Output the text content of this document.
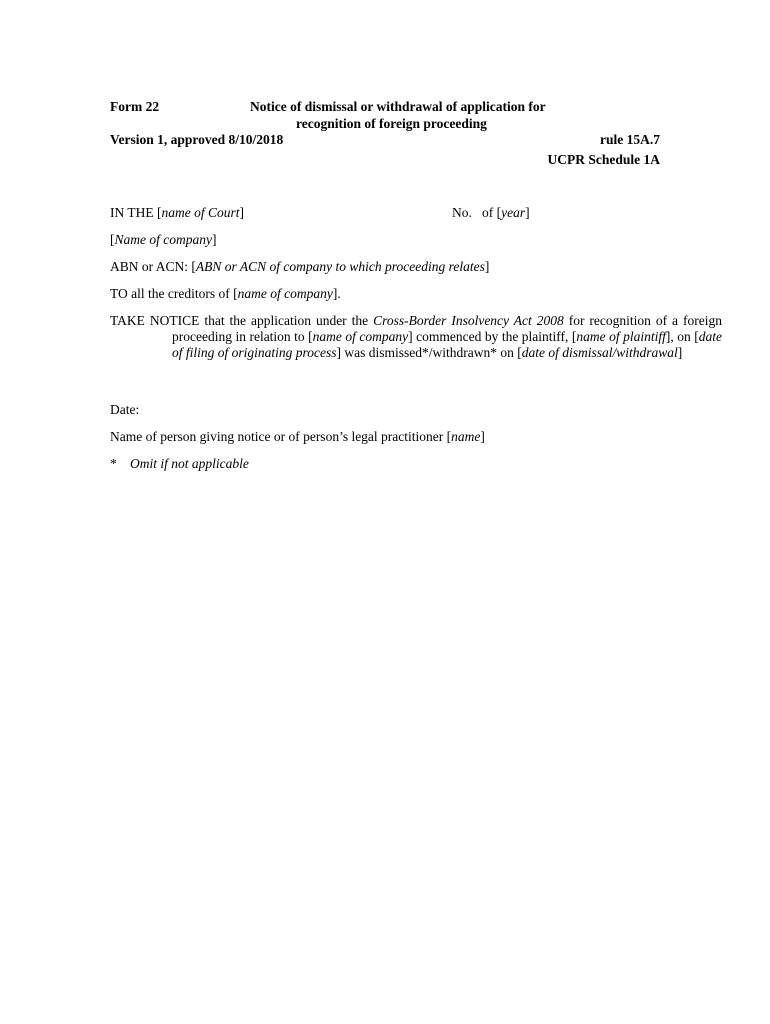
Form 22	Notice of dismissal or withdrawal of application for
recognition of foreign proceeding
Version 1, approved 8/10/2018	rule 15A.7
UCPR Schedule 1A
IN THE [name of Court]	No.   of [year]
[Name of company]
ABN or ACN: [ABN or ACN of company to which proceeding relates]
TO all the creditors of [name of company].
TAKE NOTICE that the application under the Cross-Border Insolvency Act 2008 for recognition of a foreign proceeding in relation to [name of company] commenced by the plaintiff, [name of plaintiff], on [date of filing of originating process] was dismissed*/withdrawn* on [date of dismissal/withdrawal]
Date:
Name of person giving notice or of person’s legal practitioner [name]
* Omit if not applicable
